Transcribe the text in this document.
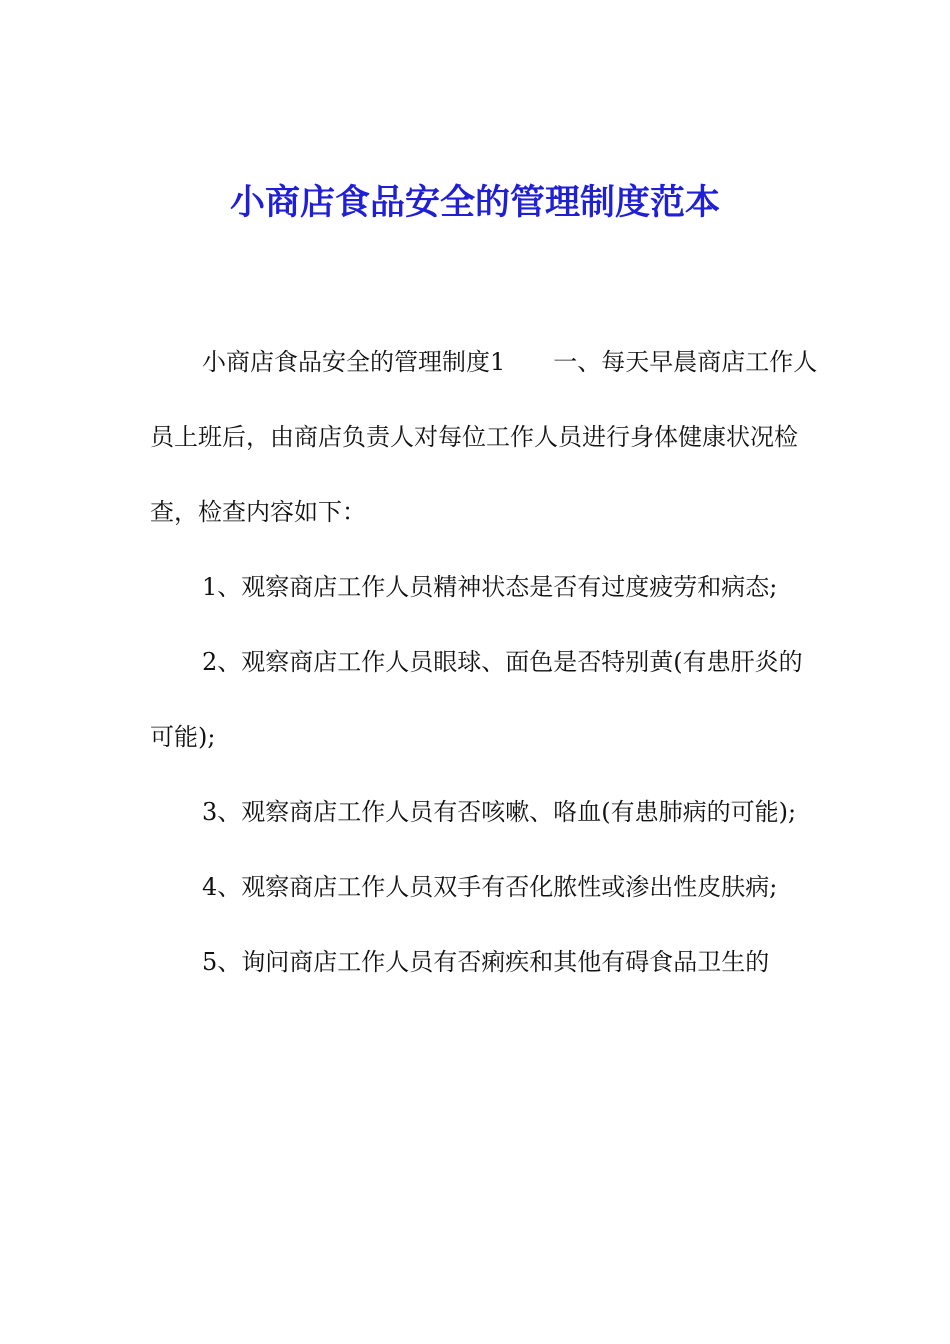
小商店食品安全的管理制度范本

小商店食品安全的管理制度1 一、每天早晨商店工作人员上班后，由商店负责人对每位工作人员进行身体健康状况检查，检查内容如下：

1、观察商店工作人员精神状态是否有过度疲劳和病态;

2、观察商店工作人员眼球、面色是否特别黄(有患肝炎的可能);

3、观察商店工作人员有否咳嗽、咯血(有患肺病的可能);

4、观察商店工作人员双手有否化脓性或渗出性皮肤病;

5、询问商店工作人员有否痢疾和其他有碍食品卫生的
